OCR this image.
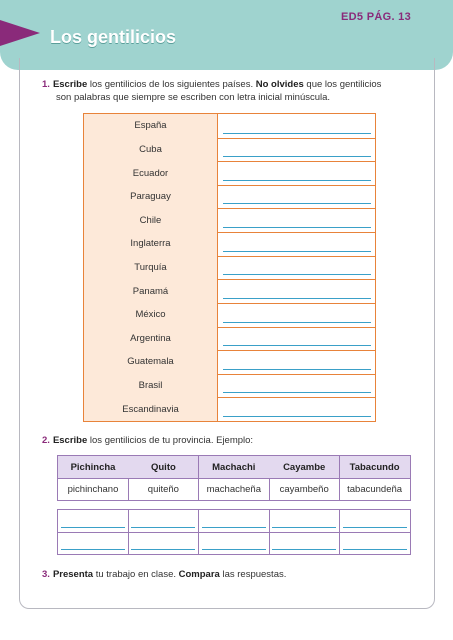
Los gentilicios
ED5 PÁG. 13
1. Escribe los gentilicios de los siguientes países. No olvides que los gentilicios
son palabras que siempre se escriben con letra inicial minúscula.
España
Cuba
Ecuador
Paraguay
Chile
Inglaterra
Turquía
Panamá
México
Argentina
Guatemala
Brasil
Escandinavia
2. Escribe los gentilicios de tu provincia. Ejemplo:
Pichincha
pichinchano
Quito
quiteño
Machachi
machacheña
Cayambe
cayambeño
Tabacundo
tabacundeña
3. Presenta tu trabajo en clase. Compara las respuestas.
